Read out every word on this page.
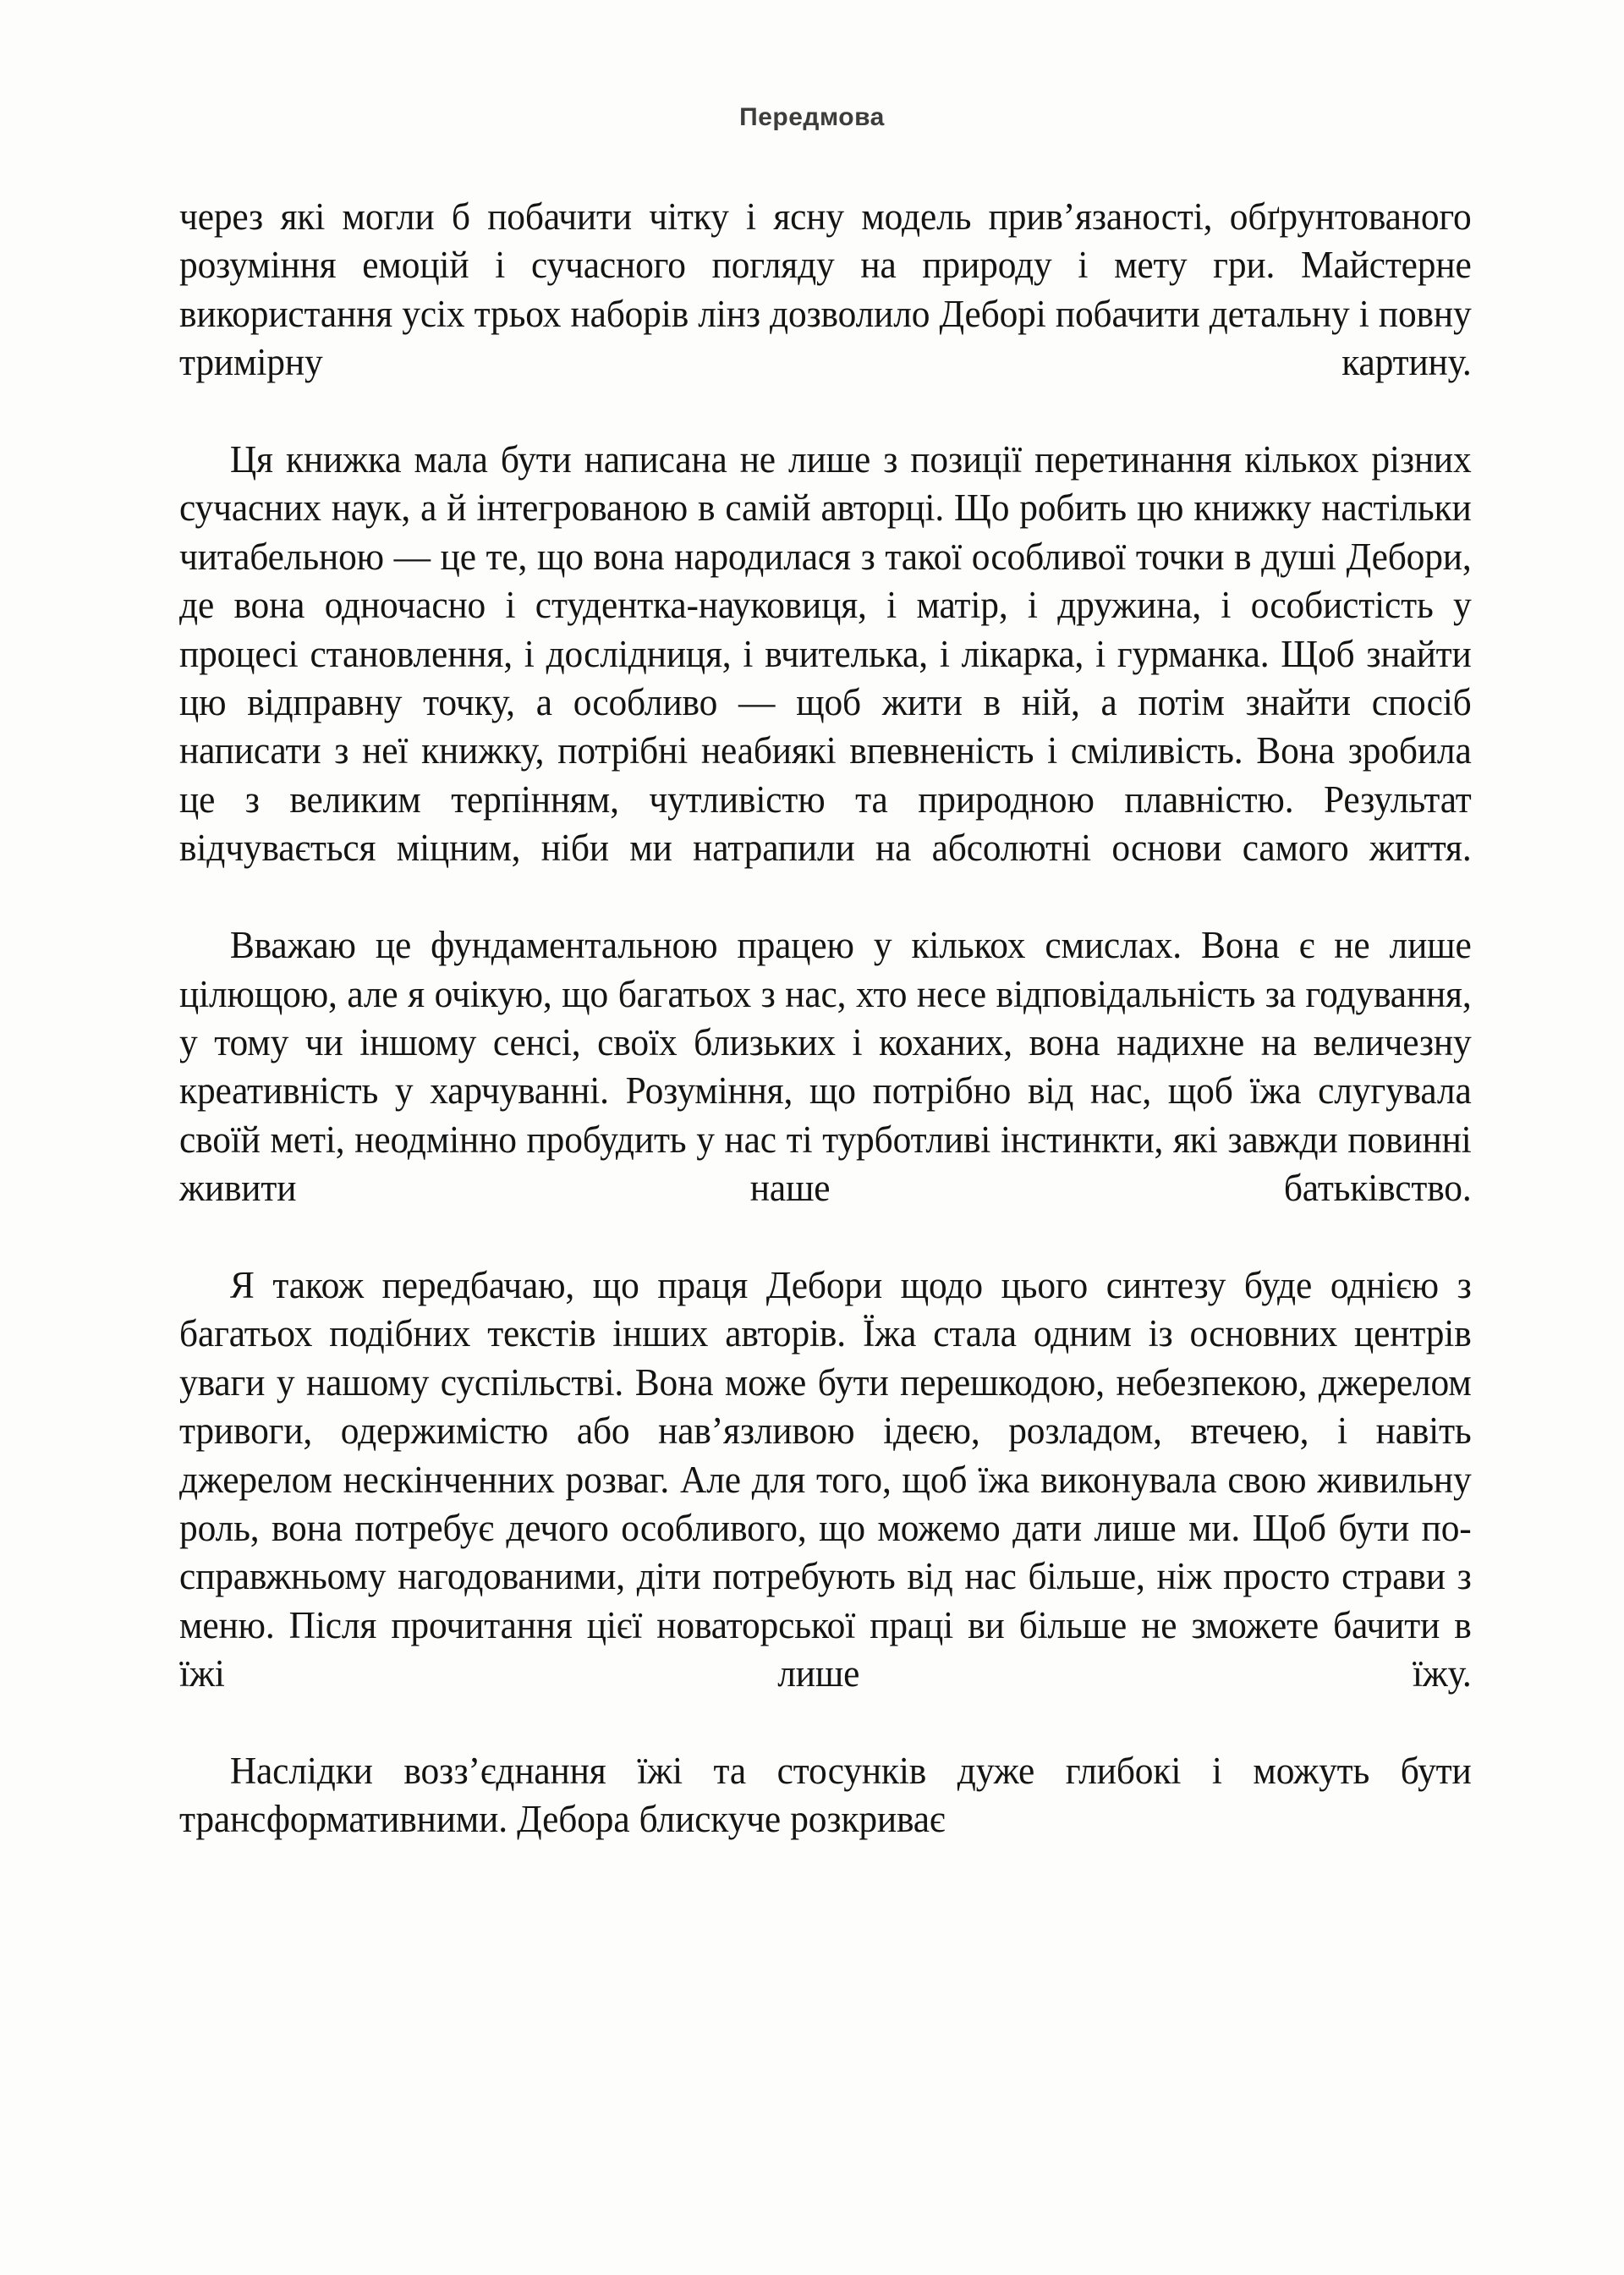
Передмова

через які могли б побачити чітку і ясну модель прив’язаності, обґрунтованого розуміння емоцій і сучасного погляду на природу і мету гри. Майстерне використання усіх трьох наборів лінз дозволило Деборі побачити детальну і повну тримірну картину.

Ця книжка мала бути написана не лише з позиції перетинання кількох різних сучасних наук, а й інтегрованою в самій авторці. Що робить цю книжку настільки читабельною — це те, що вона народилася з такої особливої точки в душі Дебори, де вона одночасно і студентка-науковиця, і матір, і дружина, і особистість у процесі становлення, і дослідниця, і вчителька, і лікарка, і гурманка. Щоб знайти цю відправну точку, а особливо — щоб жити в ній, а потім знайти спосіб написати з неї книжку, потрібні неабиякі впевненість і сміливість. Вона зробила це з великим терпінням, чутливістю та природною плавністю. Результат відчувається міцним, ніби ми натрапили на абсолютні основи самого життя.

Вважаю це фундаментальною працею у кількох смислах. Вона є не лише цілющою, але я очікую, що багатьох з нас, хто несе відповідальність за годування, у тому чи іншому сенсі, своїх близьких і коханих, вона надихне на величезну креативність у харчуванні. Розуміння, що потрібно від нас, щоб їжа слугувала своїй меті, неодмінно пробудить у нас ті турботливі інстинкти, які завжди повинні живити наше батьківство.

Я також передбачаю, що праця Дебори щодо цього синтезу буде однією з багатьох подібних текстів інших авторів. Їжа стала одним із основних центрів уваги у нашому суспільстві. Вона може бути перешкодою, небезпекою, джерелом тривоги, одержимістю або нав’язливою ідеєю, розладом, втечею, і навіть джерелом нескінченних розваг. Але для того, щоб їжа виконувала свою живильну роль, вона потребує дечого особливого, що можемо дати лише ми. Щоб бути по-справжньому нагодованими, діти потребують від нас більше, ніж просто страви з меню. Після прочитання цієї новаторської праці ви більше не зможете бачити в їжі лише їжу.

Наслідки возз’єднання їжі та стосунків дуже глибокі і можуть бути трансформативними. Дебора блискуче розкриває
